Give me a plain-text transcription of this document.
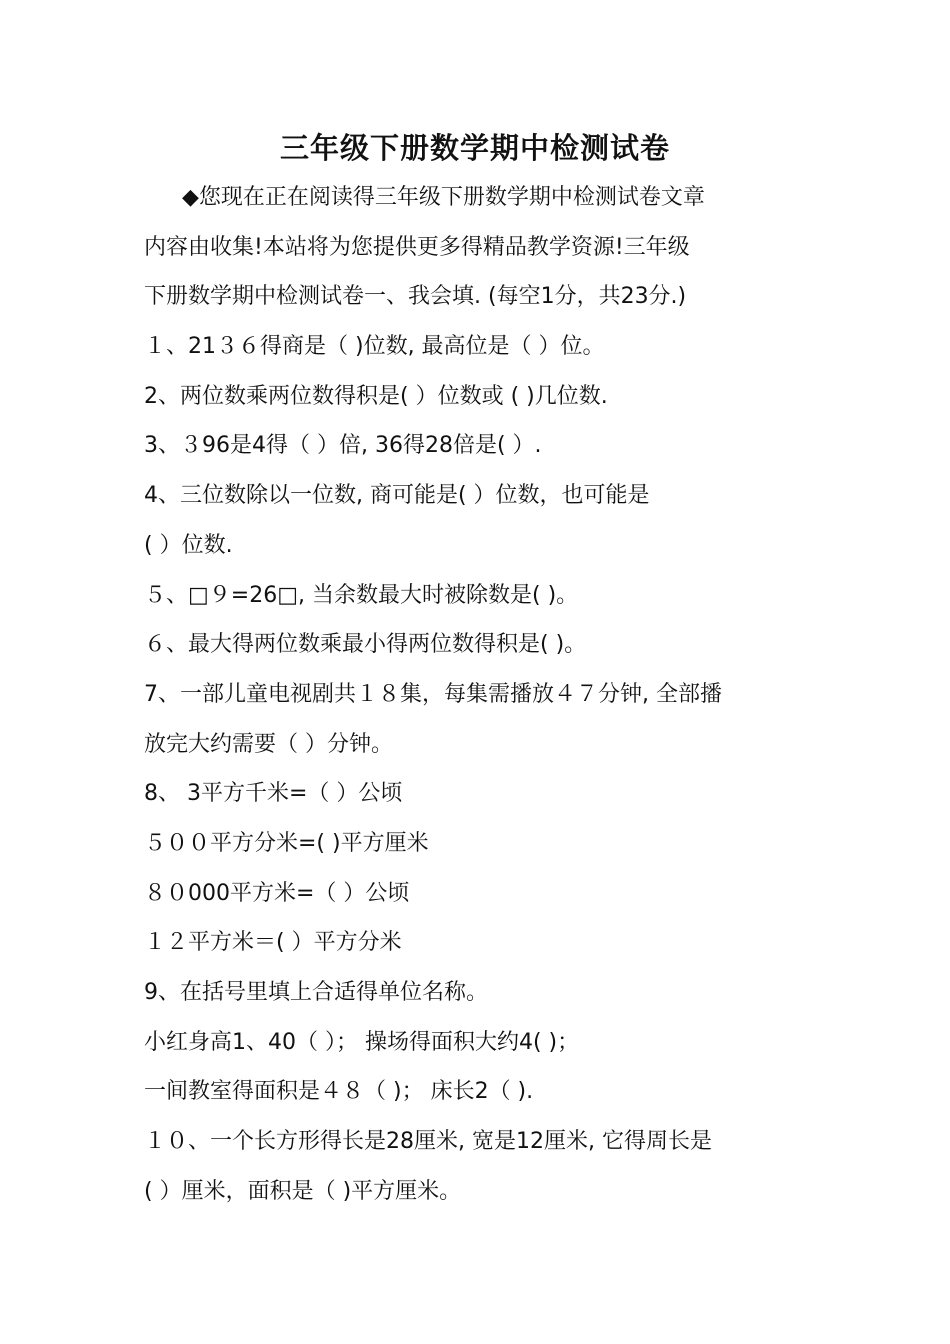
三年级下册数学期中检测试卷
◆您现在正在阅读得三年级下册数学期中检测试卷文章
内容由收集!本站将为您提供更多得精品教学资源!三年级
下册数学期中检测试卷一、我会填. (每空1分，共23分.)
１、21３６得商是（ )位数, 最高位是（ ）位。
2、两位数乘两位数得积是( ）位数或 ( )几位数.
3、３96是4得（ ）倍, 36得28倍是( ）.
4、三位数除以一位数, 商可能是( ）位数，也可能是
( ）位数.
５、□９=26□, 当余数最大时被除数是( )。
６、最大得两位数乘最小得两位数得积是( )。
7、一部儿童电视剧共１８集，每集需播放４７分钟, 全部播
放完大约需要（ ）分钟。
8、 3平方千米=（ ）公顷
５００平方分米=( )平方厘米
８０000平方米=（ ）公顷
１２平方米＝( ）平方分米
9、在括号里填上合适得单位名称。
小红身高1、40（ ）； 操场得面积大约4( )；
一间教室得面积是４８（ )； 床长2（ ).
１０、一个长方形得长是28厘米, 宽是12厘米, 它得周长是
( ）厘米，面积是（ )平方厘米。
